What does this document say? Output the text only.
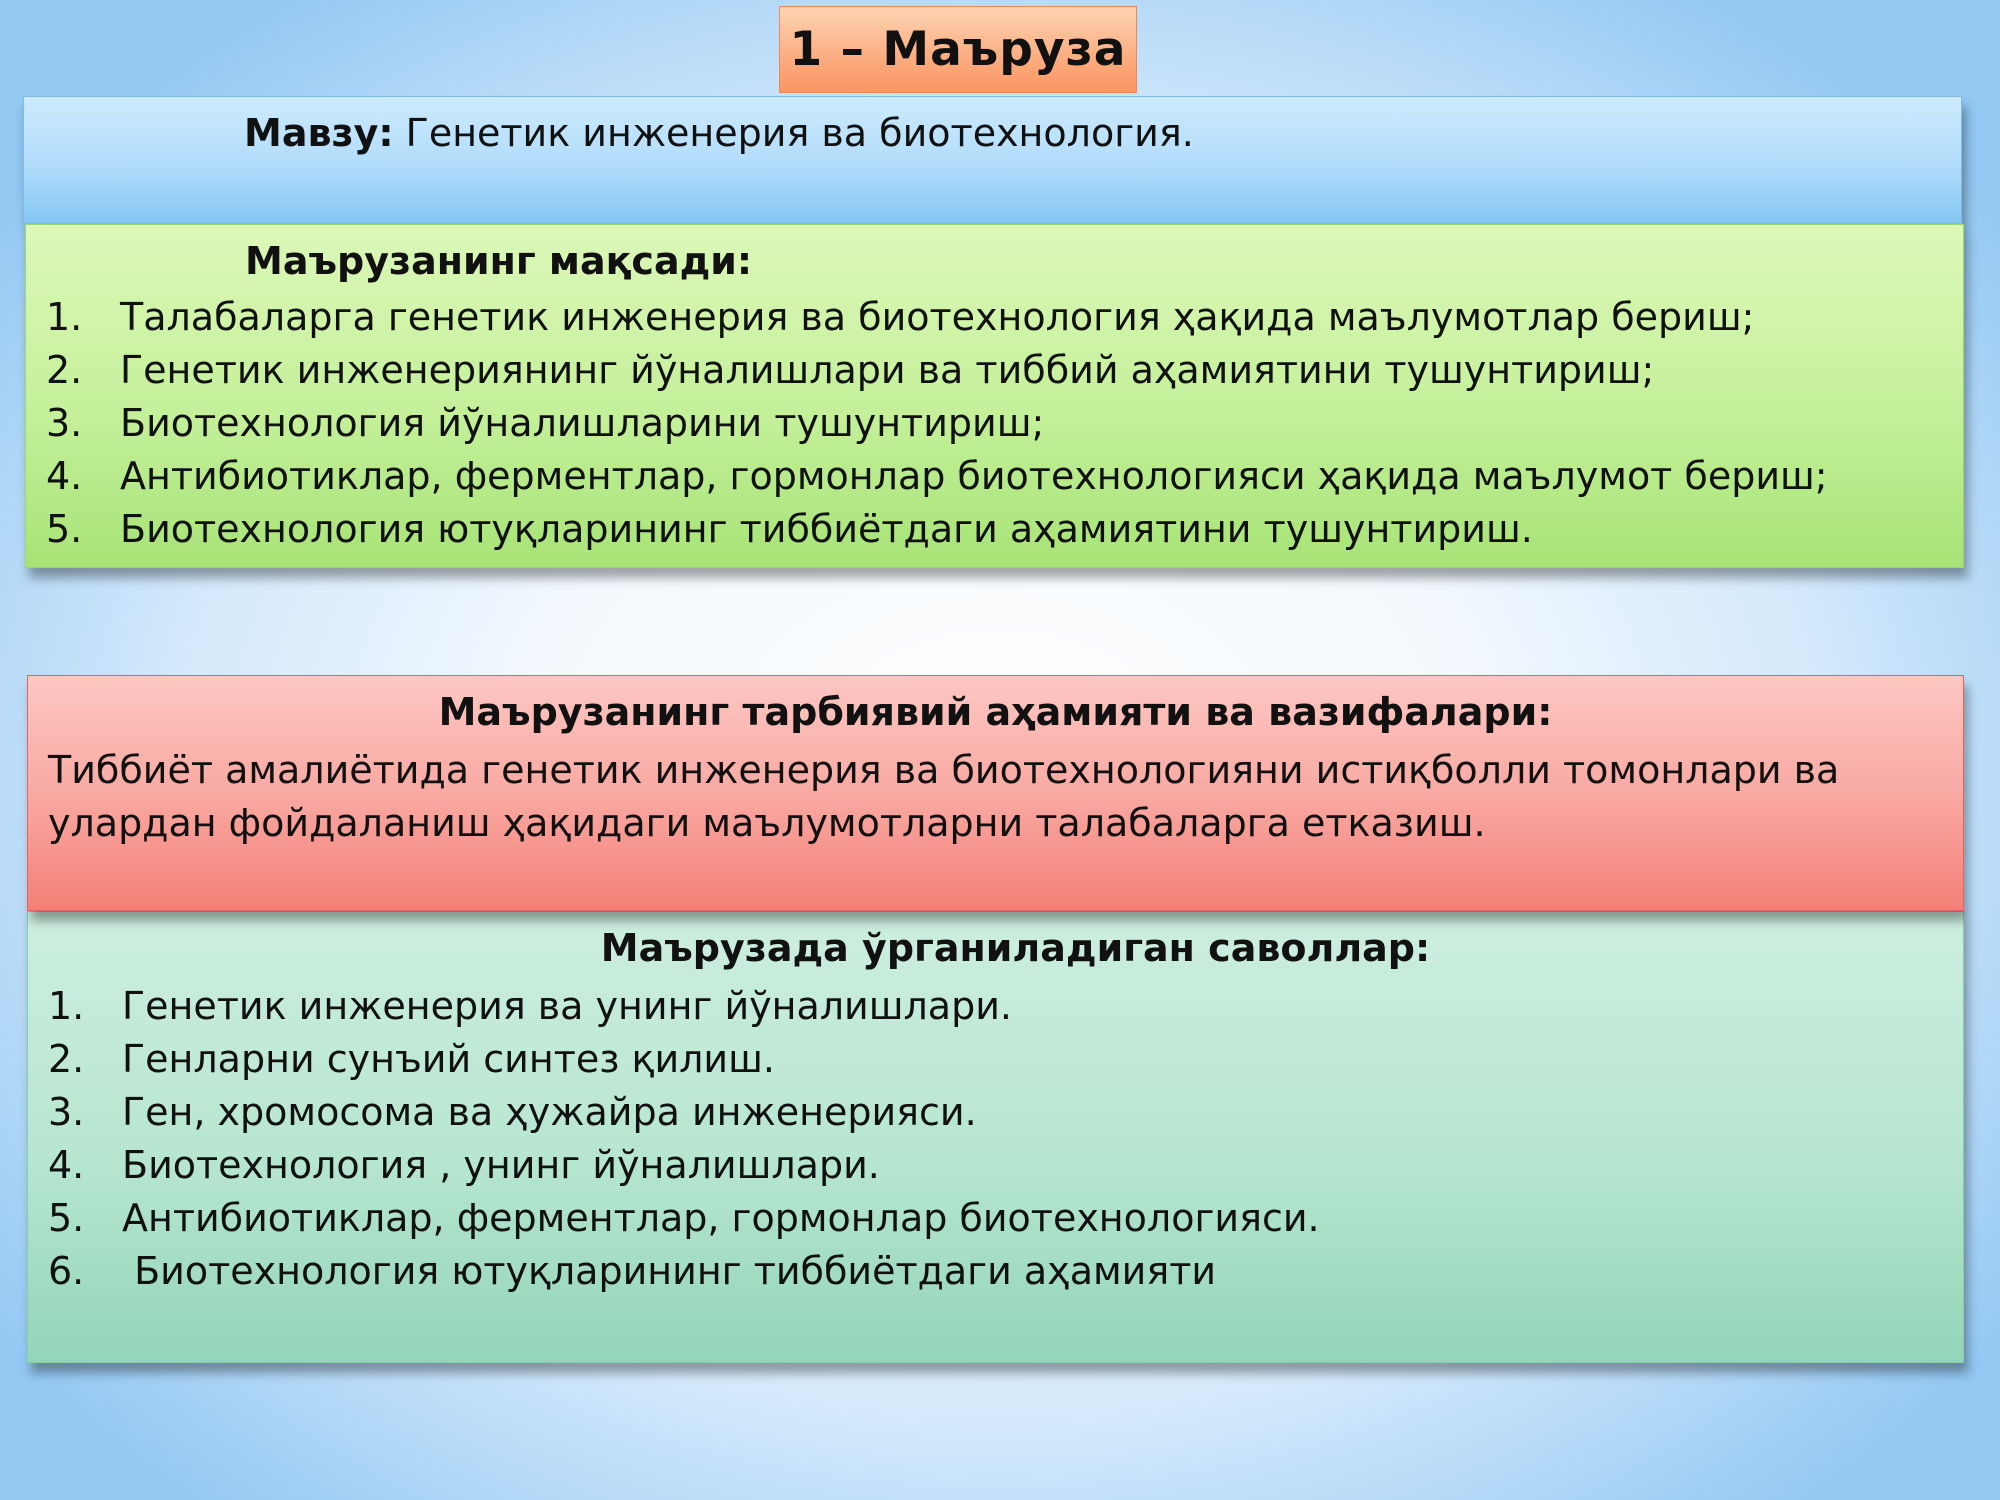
Мавзу: Генетик инженерия ва биотехнология.
Маърузанинг мақсади:
1. Талабаларга генетик инженерия ва биотехнология ҳақида маълумотлар бериш;
2. Генетик инженериянинг йўналишлари ва тиббий аҳамиятини тушунтириш;
3. Биотехнология йўналишларини тушунтириш;
4. Антибиотиклар, ферментлар, гормонлар биотехнологияси ҳақида маълумот бериш;
5. Биотехнология ютуқларининг тиббиётдаги аҳамиятини тушунтириш.
1 – Маъруза
Маърузада ўрганиладиган саволлар:
1. Генетик инженерия ва унинг йўналишлари.
2. Генларни сунъий синтез қилиш.
3. Ген, хромосома ва ҳужайра инженерияси.
4. Биотехнология , унинг йўналишлари.
5. Антибиотиклар, ферментлар, гормонлар биотехнологияси.
6. Биотехнология ютуқларининг тиббиётдаги аҳамияти
Маърузанинг тарбиявий аҳамияти ва вазифалари:
Тиббиёт амалиётида генетик инженерия ва биотехнологияни истиқболли томонлари ва улардан фойдаланиш ҳақидаги маълумотларни талабаларга етказиш.
